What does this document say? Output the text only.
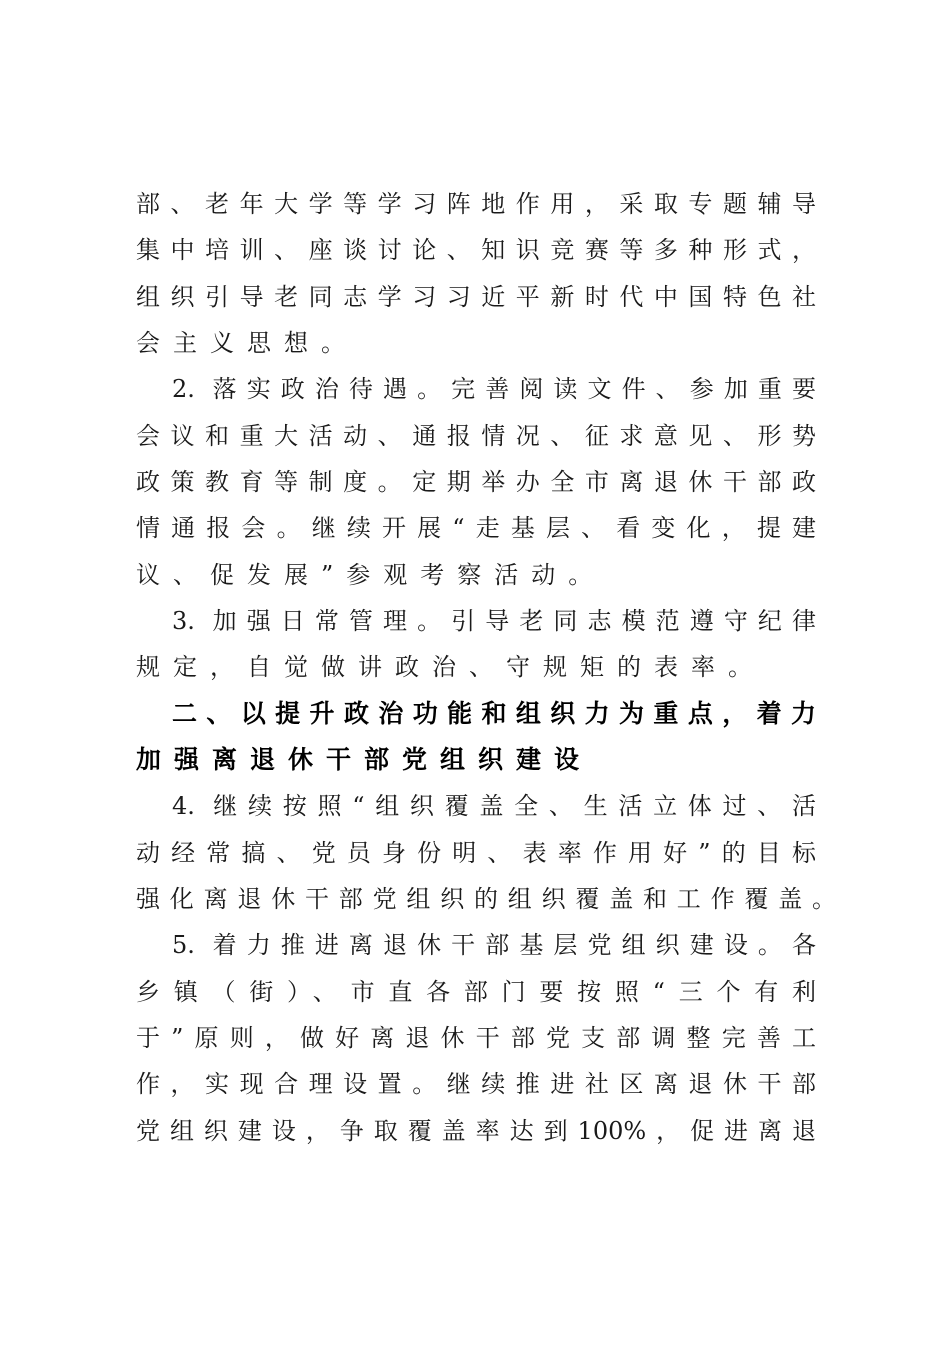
部、老年大学等学习阵地作用，采取专题辅导
集中培训、座谈讨论、知识竞赛等多种形式，
组织引导老同志学习习近平新时代中国特色社
会主义思想。
2. 落实政治待遇。完善阅读文件、参加重要
会议和重大活动、通报情况、征求意见、形势
政策教育等制度。定期举办全市离退休干部政
情通报会。继续开展“走基层、看变化，提建
议、促发展”参观考察活动。
3. 加强日常管理。引导老同志模范遵守纪律
规定，自觉做讲政治、守规矩的表率。
二、以提升政治功能和组织力为重点，着力
加强离退休干部党组织建设
4. 继续按照“组织覆盖全、生活立体过、活
动经常搞、党员身份明、表率作用好”的目标
强化离退休干部党组织的组织覆盖和工作覆盖。
5. 着力推进离退休干部基层党组织建设。各
乡镇（街）、市直各部门要按照“三个有利
于”原则，做好离退休干部党支部调整完善工
作，实现合理设置。继续推进社区离退休干部
党组织建设，争取覆盖率达到100%，促进离退
